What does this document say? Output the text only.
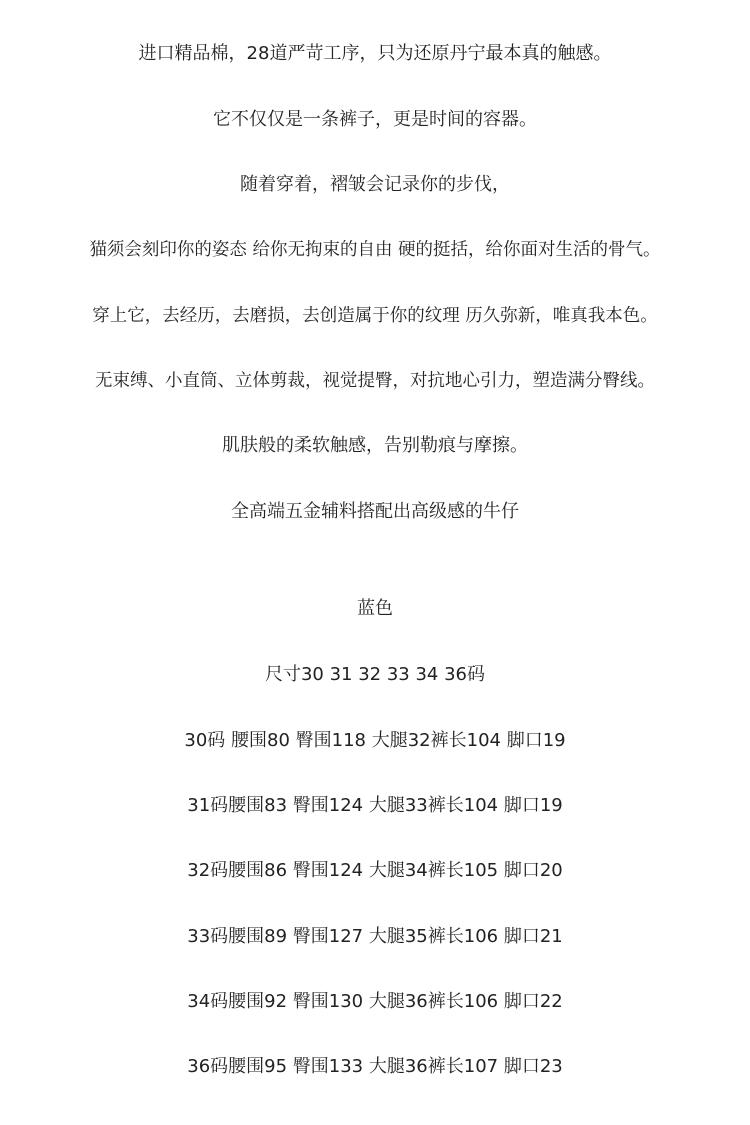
进口精品棉，28道严苛工序，只为还原丹宁最本真的触感。
它不仅仅是一条裤子，更是时间的容器。
随着穿着，褶皱会记录你的步伐，
猫须会刻印你的姿态 给你无拘束的自由 硬的挺括，给你面对生活的骨气。
穿上它，去经历，去磨损，去创造属于你的纹理 历久弥新，唯真我本色。
无束缚、小直筒、立体剪裁，视觉提臀，对抗地心引力，塑造满分臀线。
肌肤般的柔软触感，告别勒痕与摩擦。
全高端五金辅料搭配出高级感的牛仔
蓝色
尺寸30 31 32 33 34 36码
30码 腰围80 臀围118 大腿32裤长104 脚口19
31码腰围83 臀围124 大腿33裤长104 脚口19
32码腰围86 臀围124 大腿34裤长105 脚口20
33码腰围89 臀围127 大腿35裤长106 脚口21
34码腰围92 臀围130 大腿36裤长106 脚口22
36码腰围95 臀围133 大腿36裤长107 脚口23
